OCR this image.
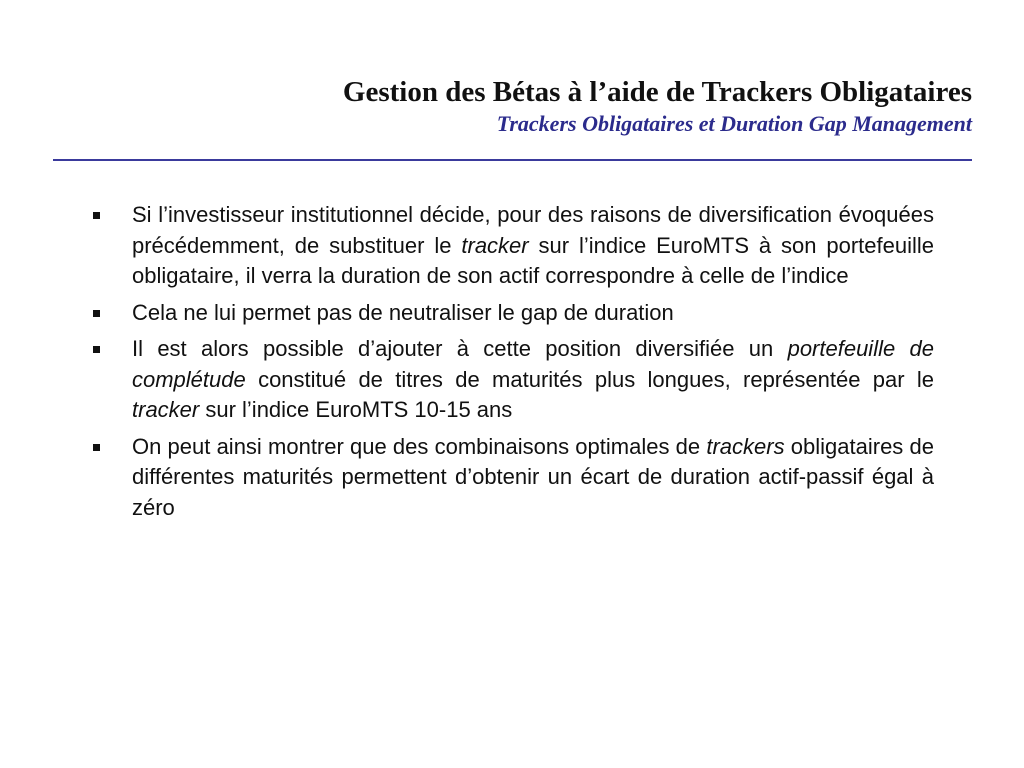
Gestion des Bétas à l’aide de Trackers Obligataires
Trackers Obligataires et Duration Gap Management
Si l’investisseur institutionnel décide, pour des raisons de diversification évoquées précédemment, de substituer le tracker sur l’indice EuroMTS à son portefeuille obligataire, il verra la duration de son actif correspondre à celle de l’indice
Cela ne lui permet pas de neutraliser le gap de duration
Il est alors possible d’ajouter à cette position diversifiée un portefeuille de complétude constitué de titres de maturités plus longues, représentée par le tracker sur l’indice EuroMTS 10-15 ans
On peut ainsi montrer que des combinaisons optimales de trackers obligataires de différentes maturités permettent d’obtenir un écart de duration actif-passif égal à zéro
